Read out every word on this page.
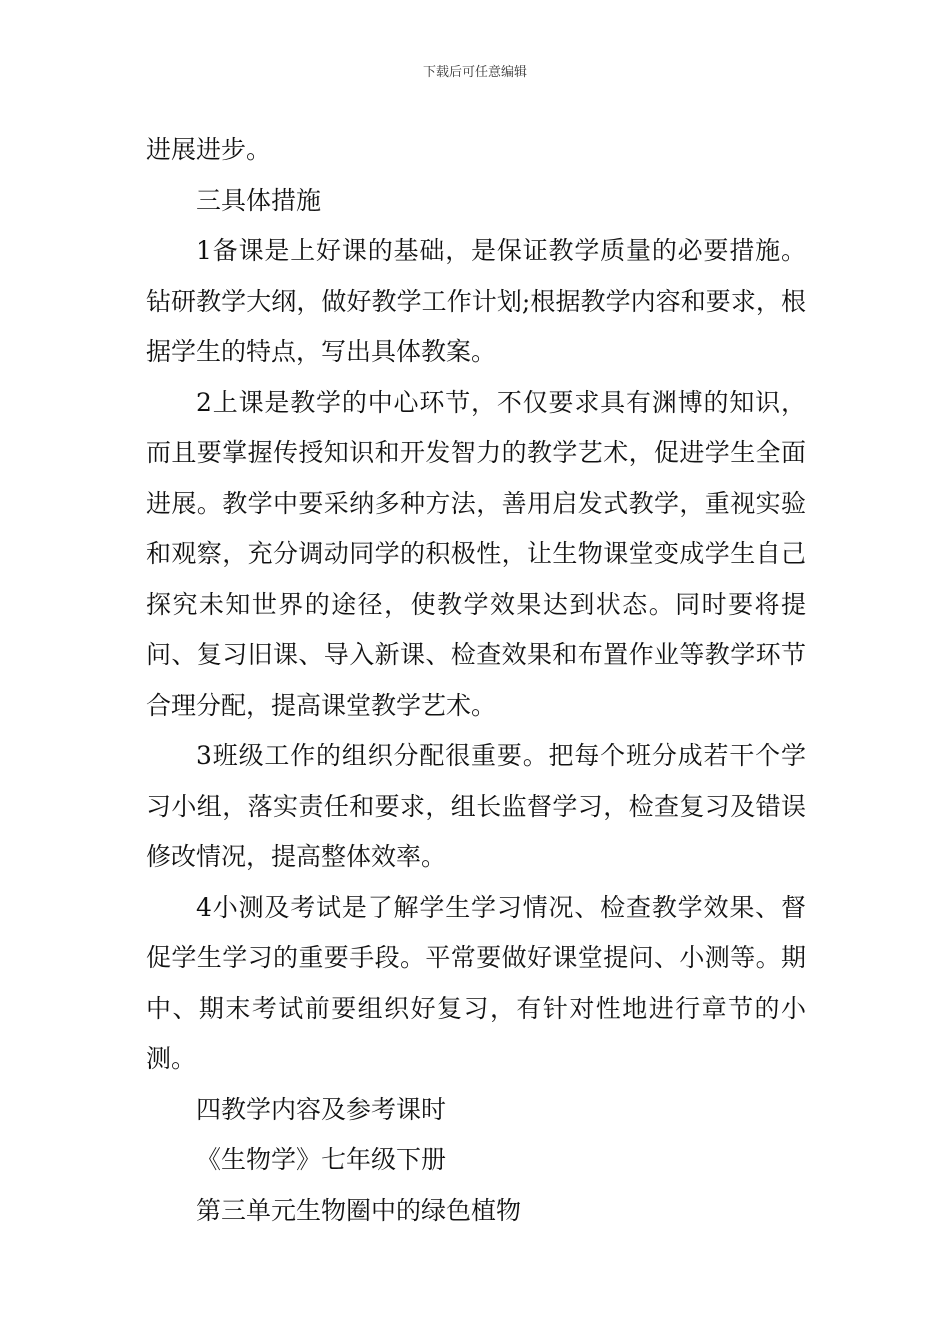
下载后可任意编辑

进展进步。

三具体措施

1备课是上好课的基础，是保证教学质量的必要措施。钻研教学大纲，做好教学工作计划;根据教学内容和要求，根据学生的特点，写出具体教案。

2上课是教学的中心环节，不仅要求具有渊博的知识，而且要掌握传授知识和开发智力的教学艺术，促进学生全面进展。教学中要采纳多种方法，善用启发式教学，重视实验和观察，充分调动同学的积极性，让生物课堂变成学生自己探究未知世界的途径，使教学效果达到状态。同时要将提问、复习旧课、导入新课、检查效果和布置作业等教学环节合理分配，提高课堂教学艺术。

3班级工作的组织分配很重要。把每个班分成若干个学习小组，落实责任和要求，组长监督学习，检查复习及错误修改情况，提高整体效率。

4小测及考试是了解学生学习情况、检查教学效果、督促学生学习的重要手段。平常要做好课堂提问、小测等。期中、期末考试前要组织好复习，有针对性地进行章节的小测。

四教学内容及参考课时

《生物学》七年级下册

第三单元生物圈中的绿色植物
